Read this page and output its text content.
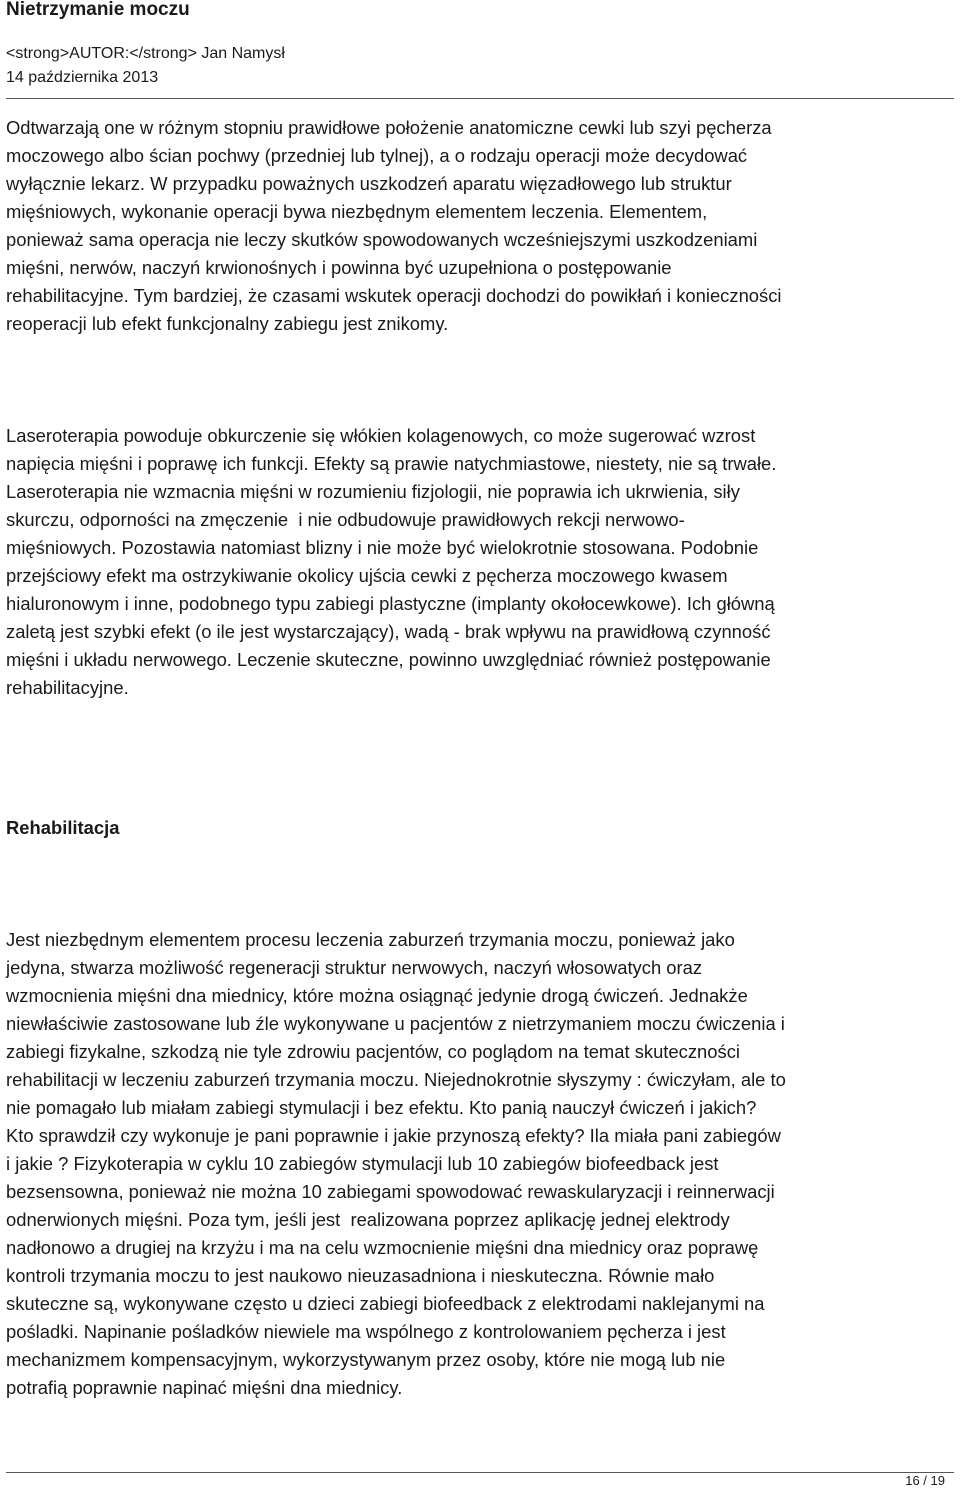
Nietrzymanie moczu
<strong>AUTOR:</strong> Jan Namysł
14 października 2013
Odtwarzają one w różnym stopniu prawidłowe położenie anatomiczne cewki lub szyi pęcherza
moczowego albo ścian pochwy (przedniej lub tylnej), a o rodzaju operacji może decydować
wyłącznie lekarz. W przypadku poważnych uszkodzeń aparatu więzadłowego lub struktur
mięśniowych, wykonanie operacji bywa niezbędnym elementem leczenia. Elementem,
ponieważ sama operacja nie leczy skutków spowodowanych wcześniejszymi uszkodzeniami
mięśni, nerwów, naczyń krwionośnych i powinna być uzupełniona o postępowanie
rehabilitacyjne. Tym bardziej, że czasami wskutek operacji dochodzi do powikłań i konieczności
reoperacji lub efekt funkcjonalny zabiegu jest znikomy.
Laseroterapia powoduje obkurczenie się włókien kolagenowych, co może sugerować wzrost
napięcia mięśni i poprawę ich funkcji. Efekty są prawie natychmiastowe, niestety, nie są trwałe.
Laseroterapia nie wzmacnia mięśni w rozumieniu fizjologii, nie poprawia ich ukrwienia, siły
skurczu, odporności na zmęczenie  i nie odbudowuje prawidłowych rekcji nerwowo-
mięśniowych. Pozostawia natomiast blizny i nie może być wielokrotnie stosowana. Podobnie
przejściowy efekt ma ostrzykiwanie okolicy ujścia cewki z pęcherza moczowego kwasem
hialuronowym i inne, podobnego typu zabiegi plastyczne (implanty okołocewkowe). Ich główną
zaletą jest szybki efekt (o ile jest wystarczający), wadą - brak wpływu na prawidłową czynność
mięśni i układu nerwowego. Leczenie skuteczne, powinno uwzględniać również postępowanie
rehabilitacyjne.
Rehabilitacja
Jest niezbędnym elementem procesu leczenia zaburzeń trzymania moczu, ponieważ jako
jedyna, stwarza możliwość regeneracji struktur nerwowych, naczyń włosowatych oraz
wzmocnienia mięśni dna miednicy, które można osiągnąć jedynie drogą ćwiczeń. Jednakże
niewłaściwie zastosowane lub źle wykonywane u pacjentów z nietrzymaniem moczu ćwiczenia i
zabiegi fizykalne, szkodzą nie tyle zdrowiu pacjentów, co poglądom na temat skuteczności
rehabilitacji w leczeniu zaburzeń trzymania moczu. Niejednokrotnie słyszymy : ćwiczyłam, ale to
nie pomagało lub miałam zabiegi stymulacji i bez efektu. Kto panią nauczył ćwiczeń i jakich?
Kto sprawdził czy wykonuje je pani poprawnie i jakie przynoszą efekty? Ila miała pani zabiegów
i jakie ? Fizykoterapia w cyklu 10 zabiegów stymulacji lub 10 zabiegów biofeedback jest
bezsensowna, ponieważ nie można 10 zabiegami spowodować rewaskularyzacji i reinnerwacji
odnerwionych mięśni. Poza tym, jeśli jest  realizowana poprzez aplikację jednej elektrody
nadłonowo a drugiej na krzyżu i ma na celu wzmocnienie mięśni dna miednicy oraz poprawę
kontroli trzymania moczu to jest naukowo nieuzasadniona i nieskuteczna. Równie mało
skuteczne są, wykonywane często u dzieci zabiegi biofeedback z elektrodami naklejanymi na
pośladki. Napinanie pośladków niewiele ma wspólnego z kontrolowaniem pęcherza i jest
mechanizmem kompensacyjnym, wykorzystywanym przez osoby, które nie mogą lub nie
potrafią poprawnie napinać mięśni dna miednicy.
16 / 19
